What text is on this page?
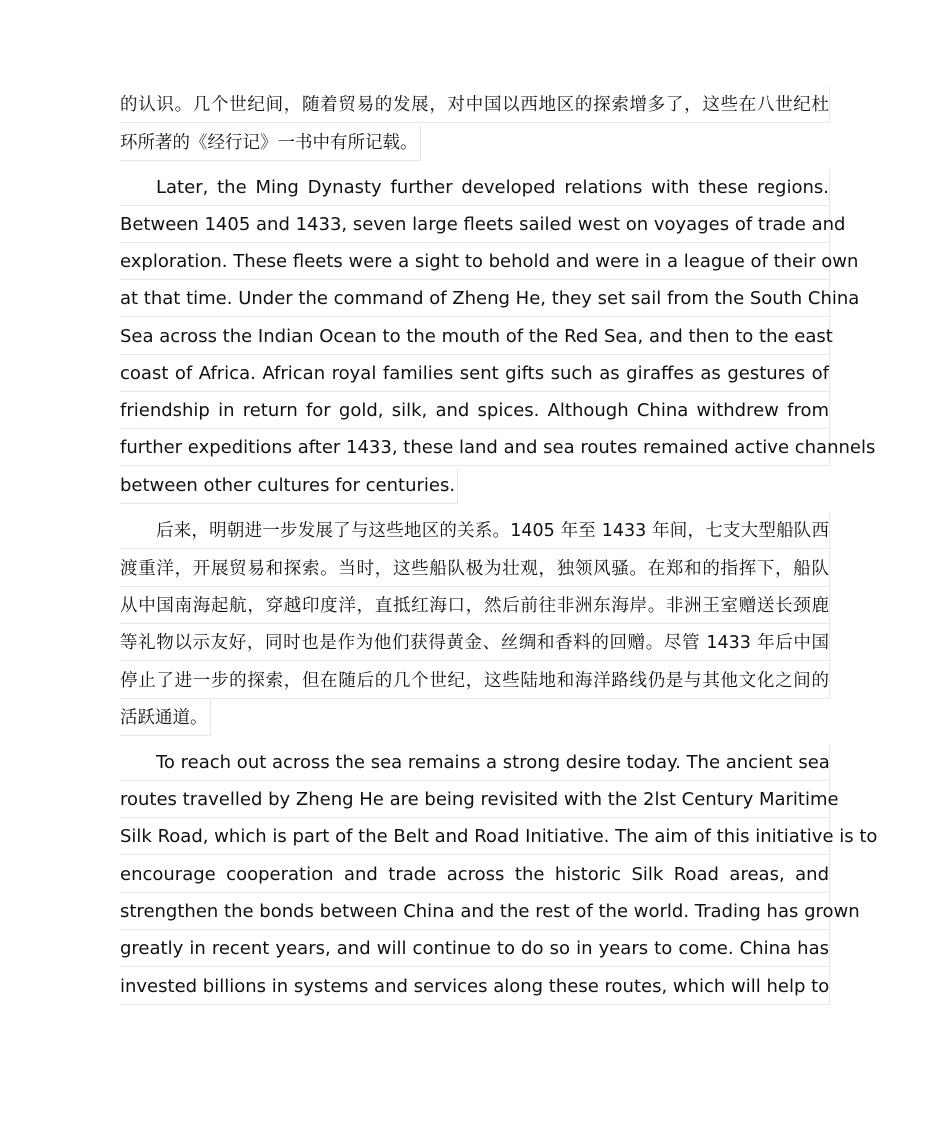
的认识。几个世纪间，随着贸易的发展，对中国以西地区的探索增多了，这些在八世纪杜
环所著的《经行记》一书中有所记载。
Later, the Ming Dynasty further developed relations with these regions.
Between 1405 and 1433, seven large fleets sailed west on voyages of trade and
exploration. These fleets were a sight to behold and were in a league of their own
at that time. Under the command of Zheng He, they set sail from the South China
Sea across the Indian Ocean to the mouth of the Red Sea, and then to the east
coast of Africa. African royal families sent gifts such as giraffes as gestures of
friendship in return for gold, silk, and spices. Although China withdrew from
further expeditions after 1433, these land and sea routes remained active channels
between other cultures for centuries.
后来，明朝进一步发展了与这些地区的关系。1405 年至 1433 年间，七支大型船队西
渡重洋，开展贸易和探索。当时，这些船队极为壮观，独领风骚。在郑和的指挥下，船队
从中国南海起航，穿越印度洋，直抵红海口，然后前往非洲东海岸。非洲王室赠送长颈鹿
等礼物以示友好，同时也是作为他们获得黄金、丝绸和香料的回赠。尽管 1433 年后中国
停止了进一步的探索，但在随后的几个世纪，这些陆地和海洋路线仍是与其他文化之间的
活跃通道。
To reach out across the sea remains a strong desire today. The ancient sea
routes travelled by Zheng He are being revisited with the 2lst Century Maritime
Silk Road, which is part of the Belt and Road Initiative. The aim of this initiative is to
encourage cooperation and trade across the historic Silk Road areas, and
strengthen the bonds between China and the rest of the world. Trading has grown
greatly in recent years, and will continue to do so in years to come. China has
invested billions in systems and services along these routes, which will help to
